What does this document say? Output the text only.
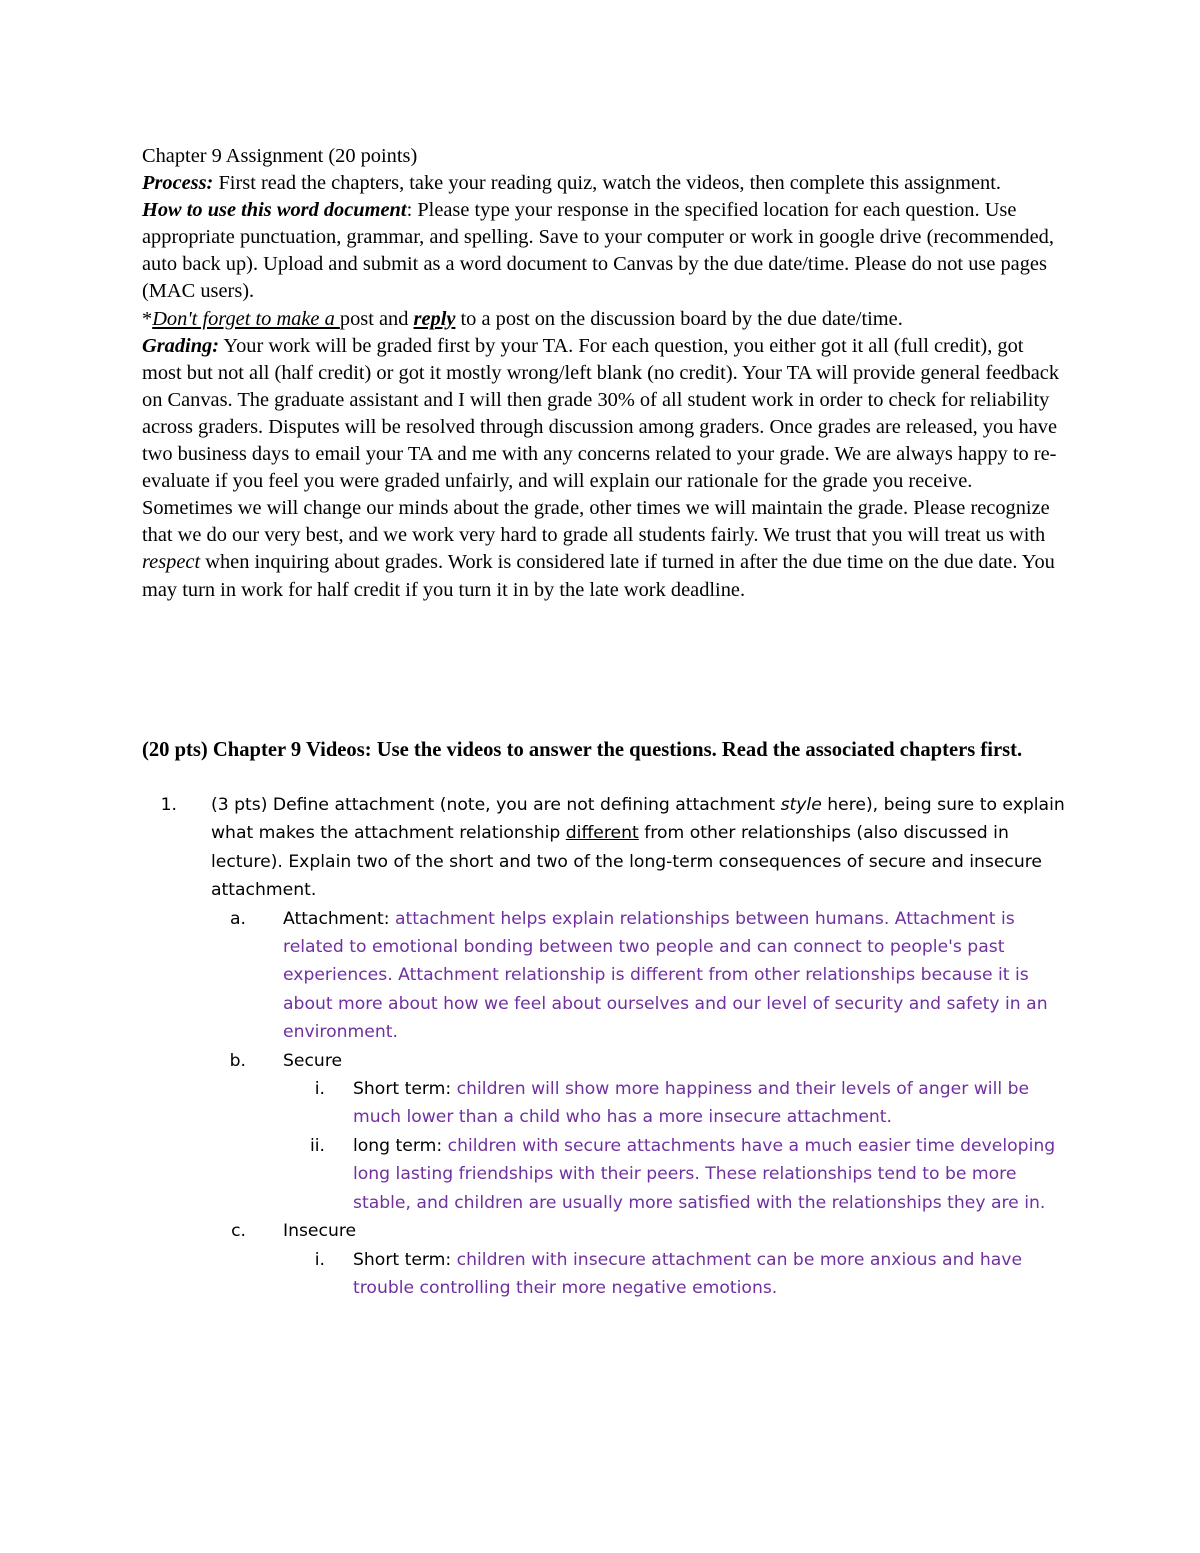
Chapter 9 Assignment (20 points)

Process: First read the chapters, take your reading quiz, watch the videos, then complete this assignment.

How to use this word document: Please type your response in the specified location for each question. Use appropriate punctuation, grammar, and spelling. Save to your computer or work in google drive (recommended, auto back up). Upload and submit as a word document to Canvas by the due date/time. Please do not use pages (MAC users).

*Don't forget to make a post and reply to a post on the discussion board by the due date/time.

Grading: Your work will be graded first by your TA. For each question, you either got it all (full credit), got most but not all (half credit) or got it mostly wrong/left blank (no credit). Your TA will provide general feedback on Canvas. The graduate assistant and I will then grade 30% of all student work in order to check for reliability across graders. Disputes will be resolved through discussion among graders. Once grades are released, you have two business days to email your TA and me with any concerns related to your grade. We are always happy to re-evaluate if you feel you were graded unfairly, and will explain our rationale for the grade you receive. Sometimes we will change our minds about the grade, other times we will maintain the grade. Please recognize that we do our very best, and we work very hard to grade all students fairly. We trust that you will treat us with respect when inquiring about grades. Work is considered late if turned in after the due time on the due date. You may turn in work for half credit if you turn it in by the late work deadline.

(20 pts) Chapter 9 Videos: Use the videos to answer the questions. Read the associated chapters first.

1.	(3 pts) Define attachment (note, you are not defining attachment style here), being sure to explain what makes the attachment relationship different from other relationships (also discussed in lecture). Explain two of the short and two of the long-term consequences of secure and insecure attachment.
a.	Attachment: attachment helps explain relationships between humans. Attachment is related to emotional bonding between two people and can connect to people's past experiences. Attachment relationship is different from other relationships because it is about more about how we feel about ourselves and our level of security and safety in an environment.
b.	Secure
i.	Short term: children will show more happiness and their levels of anger will be much lower than a child who has a more insecure attachment.
ii.	long term: children with secure attachments have a much easier time developing long lasting friendships with their peers. These relationships tend to be more stable, and children are usually more satisfied with the relationships they are in.
c.	Insecure
i.	Short term: children with insecure attachment can be more anxious and have trouble controlling their more negative emotions.
